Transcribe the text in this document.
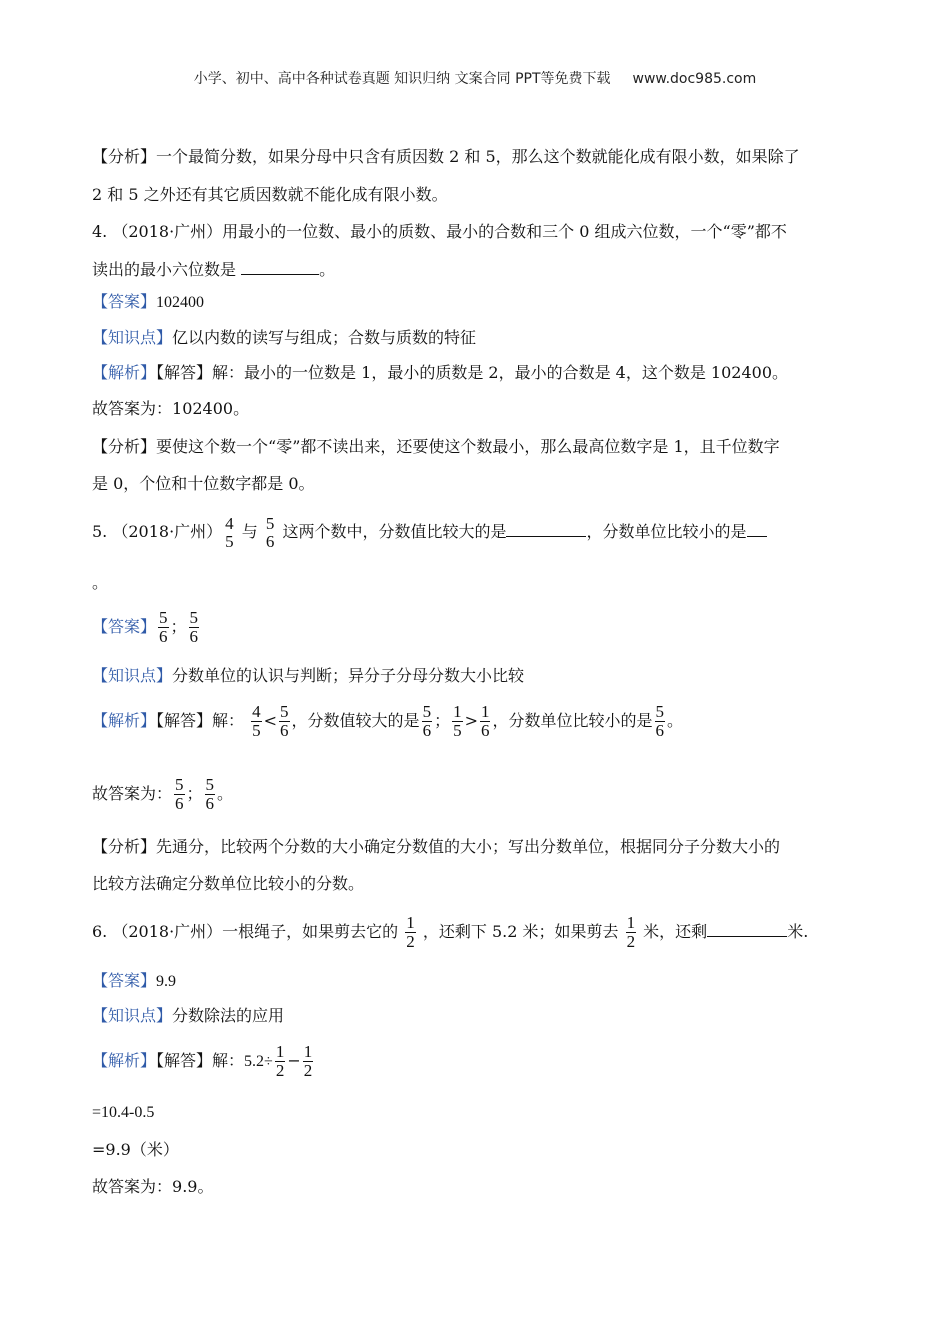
小学、初中、高中各种试卷真题 知识归纳 文案合同 PPT等免费下载 www.doc985.com
【分析】一个最简分数，如果分母中只含有质因数 2 和 5，那么这个数就能化成有限小数，如果除了
2 和 5 之外还有其它质因数就不能化成有限小数。
4. （2018·广州）用最小的一位数、最小的质数、最小的合数和三个 0 组成六位数，一个“零”都不
读出的最小六位数是	。
【答案】102400
【知识点】亿以内数的读写与组成；合数与质数的特征
【解析】【解答】解：最小的一位数是 1，最小的质数是 2，最小的合数是 4，这个数是 102400。
故答案为：102400。
【分析】要使这个数一个“零”都不读出来，还要使这个数最小，那么最高位数字是 1，且千位数字
是 0，个位和十位数字都是 0。
5. （2018·广州） 4
5 与 5
6 这两个数中，分数值比较大的是	，分数单位比较小的是
。
【答案】 $\frac{5}{6}$ ； $\frac{5}{6}$
【知识点】分数单位的认识与判断；异分子分母分数大小比较
【解析】【解答】解： $\frac{4}{5} < \frac{5}{6}$ ，分数值较大的是 $\frac{5}{6}$ ； $\frac{1}{5} > \frac{1}{6}$ ，分数单位比较小的是 $\frac{5}{6}$ 。
故答案为： $\frac{5}{6}$ ； $\frac{5}{6}$ 。
【分析】先通分，比较两个分数的大小确定分数值的大小；写出分数单位，根据同分子分数大小的
比较方法确定分数单位比较小的分数。
6. （2018·广州）一根绳子，如果剪去它的 $\frac{1}{2}$ ，还剩下 5.2 米；如果剪去 $\frac{1}{2}$ 米，还剩	米.
【答案】9.9
【知识点】分数除法的应用
【解析】【解答】解：$5.2\div \frac{1}{2} - \frac{1}{2}$
=10.4-0.5
=9.9（米）
故答案为：9.9。
